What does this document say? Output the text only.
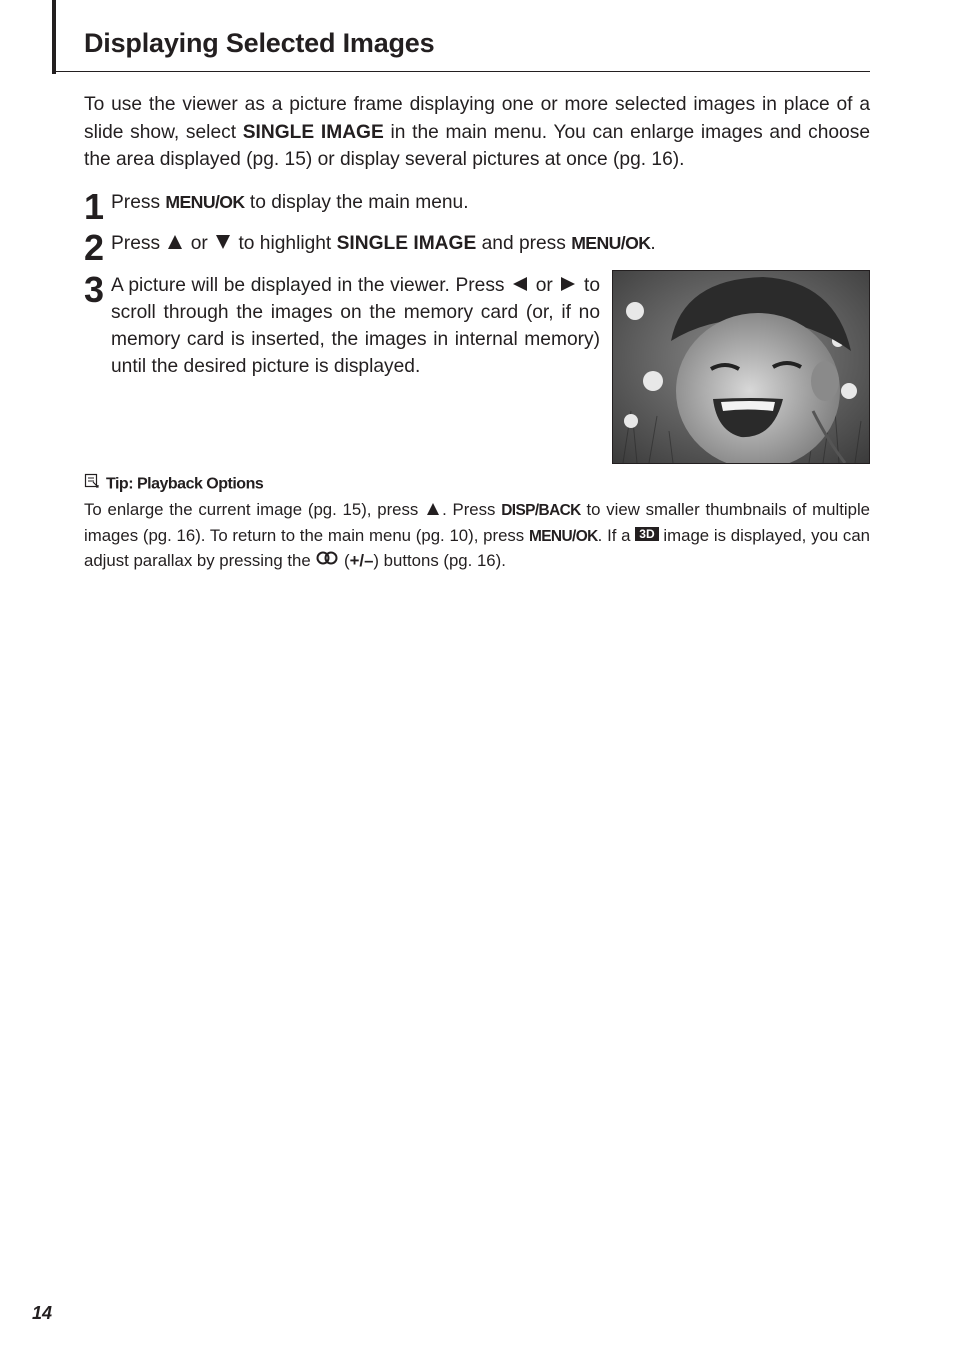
Displaying Selected Images

To use the viewer as a picture frame displaying one or more selected images in place of a slide show, select SINGLE IMAGE in the main menu. You can enlarge images and choose the area displayed (pg. 15) or display several pictures at once (pg. 16).

1 Press MENU/OK to display the main menu.
2 Press  or  to highlight SINGLE IMAGE and press MENU/OK.
3 A picture will be displayed in the viewer. Press  or  to scroll through the images on the memory card (or, if no memory card is inserted, the images in internal memory) until the desired picture is displayed.
Tip: Playback Options

To enlarge the current image (pg. 15), press . Press DISP/BACK to view smaller thumbnails of multiple images (pg. 16). To return to the main menu (pg. 10), press MENU/OK. If a 3D image is displayed, you can adjust parallax by pressing the  (+/–) buttons (pg. 16).

14
